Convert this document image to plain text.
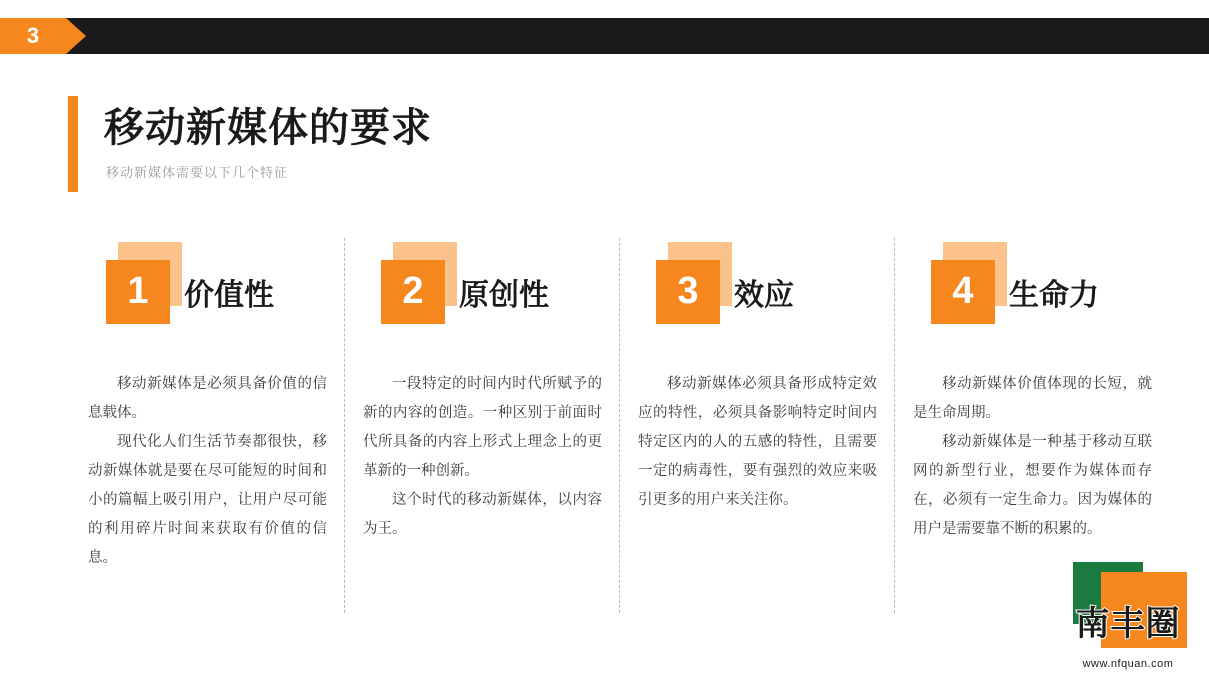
3
移动新媒体的要求
移动新媒体需要以下几个特征
1	价值性

移动新媒体是必须具备价值的信息载体。

现代化人们生活节奏都很快，移动新媒体就是要在尽可能短的时间和小的篇幅上吸引用户，让用户尽可能的利用碎片时间来获取有价值的信息。

2	原创性

一段特定的时间内时代所赋予的新的内容的创造。一种区别于前面时代所具备的内容上形式上理念上的更革新的一种创新。

这个时代的移动新媒体，以内容为王。

3	效应

移动新媒体必须具备形成特定效应的特性，必须具备影响特定时间内特定区内的人的五感的特性，且需要一定的病毒性，要有强烈的效应来吸引更多的用户来关注你。

4	生命力

移动新媒体价值体现的长短，就是生命周期。

移动新媒体是一种基于移动互联网的新型行业，想要作为媒体而存在，必须有一定生命力。因为媒体的用户是需要靠不断的积累的。

南丰圈
www.nfquan.com
